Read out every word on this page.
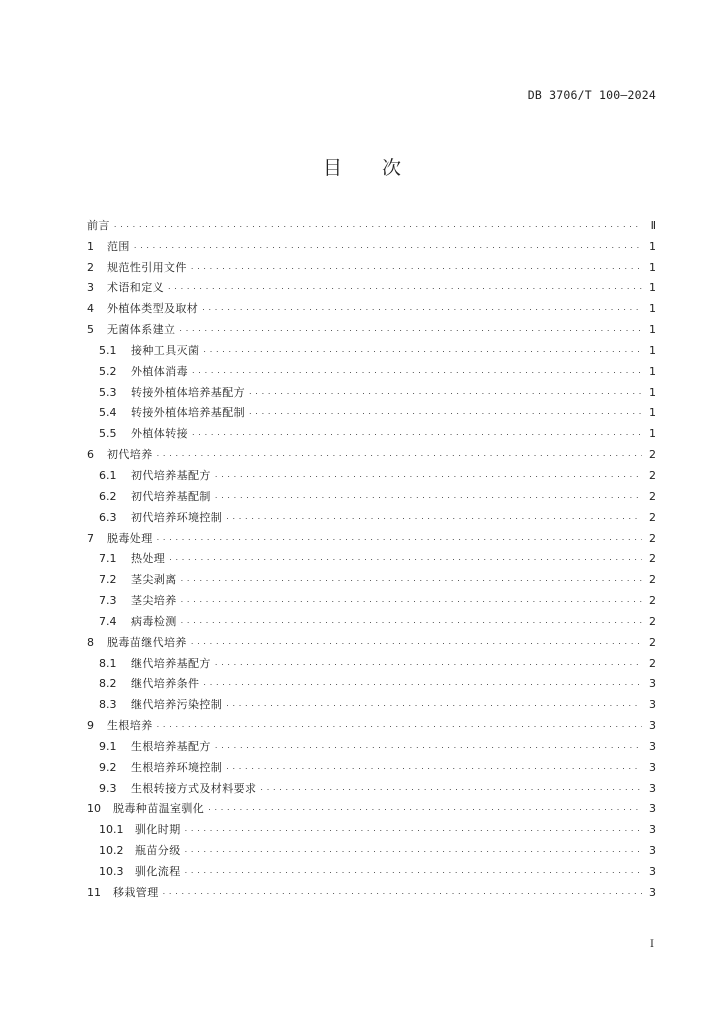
DB 3706/T 100—2024
目 次
前言 . . .	Ⅱ
1	范围 . . .	1
2	规范性引用文件 . . .	1
3	术语和定义 . . .	1
4	外植体类型及取材 . . .	1
5	无菌体系建立 . . .	1
5.1	接种工具灭菌 . . .	1
5.2	外植体消毒 . . .	1
5.3	转接外植体培养基配方 . . .	1
5.4	转接外植体培养基配制 . . .	1
5.5	外植体转接 . . .	1
6	初代培养 . . .	2
6.1	初代培养基配方 . . .	2
6.2	初代培养基配制 . . .	2
6.3	初代培养环境控制 . . .	2
7	脱毒处理 . . .	2
7.1	热处理 . . .	2
7.2	茎尖剥离 . . .	2
7.3	茎尖培养 . . .	2
7.4	病毒检测 . . .	2
8	脱毒苗继代培养 . . .	2
8.1	继代培养基配方 . . .	2
8.2	继代培养条件 . . .	3
8.3	继代培养污染控制 . . .	3
9	生根培养 . . .	3
9.1	生根培养基配方 . . .	3
9.2	生根培养环境控制 . . .	3
9.3	生根转接方式及材料要求 . . .	3
10	脱毒种苗温室驯化 . . .	3
10.1	驯化时期 . . .	3
10.2	瓶苗分级 . . .	3
10.3	驯化流程 . . .	3
11	移栽管理 . . .	3
I
